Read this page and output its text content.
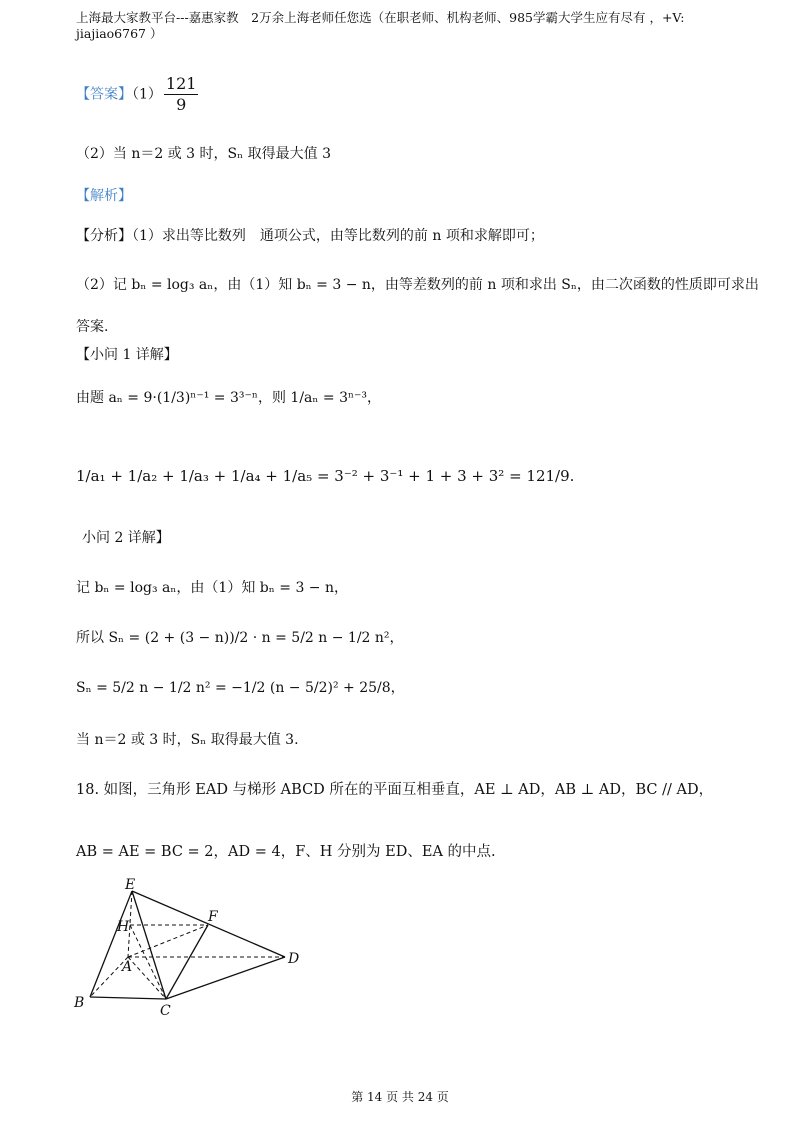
上海最大家教平台---嘉惠家教　2万余上海老师任您选（在职老师、机构老师、985学霸大学生应有尽有 ，+V: jiajiao6767 ）
【答案】$(1) \frac{121}{9}$
（2）当 n＝2 或 3 时，Sₙ 取得最大值 3
【解析】
【分析】（1）求出等比数列　通项公式，由等比数列的前 n 项和求解即可；
（2）记 bₙ = log₃ aₙ，由（1）知 bₙ = 3 − n，由等差数列的前 n 项和求出 Sₙ，由二次函数的性质即可求出
答案.
【小问 1 详解】
由题 aₙ = 9·(1/3)ⁿ⁻¹ = 3³⁻ⁿ，则 1/aₙ = 3ⁿ⁻³，
1/a₁ + 1/a₂ + 1/a₃ + 1/a₄ + 1/a₅ = 3⁻² + 3⁻¹ + 1 + 3 + 3² = 121/9.
小问 2 详解】
记 bₙ = log₃ aₙ，由（1）知 bₙ = 3 − n，
所以 Sₙ = (2 + (3 − n))/2 · n = 5/2 n − 1/2 n²，
Sₙ = 5/2 n − 1/2 n² = −1/2 (n − 5/2)² + 25/8，
当 n＝2 或 3 时，Sₙ 取得最大值 3.
18. 如图，三角形 EAD 与梯形 ABCD 所在的平面互相垂直，AE ⊥ AD，AB ⊥ AD，BC // AD，
AB = AE = BC = 2，AD = 4，F、H 分别为 ED、EA 的中点.
E
H
F
A	D
B	C
第 14 页 共 24 页
